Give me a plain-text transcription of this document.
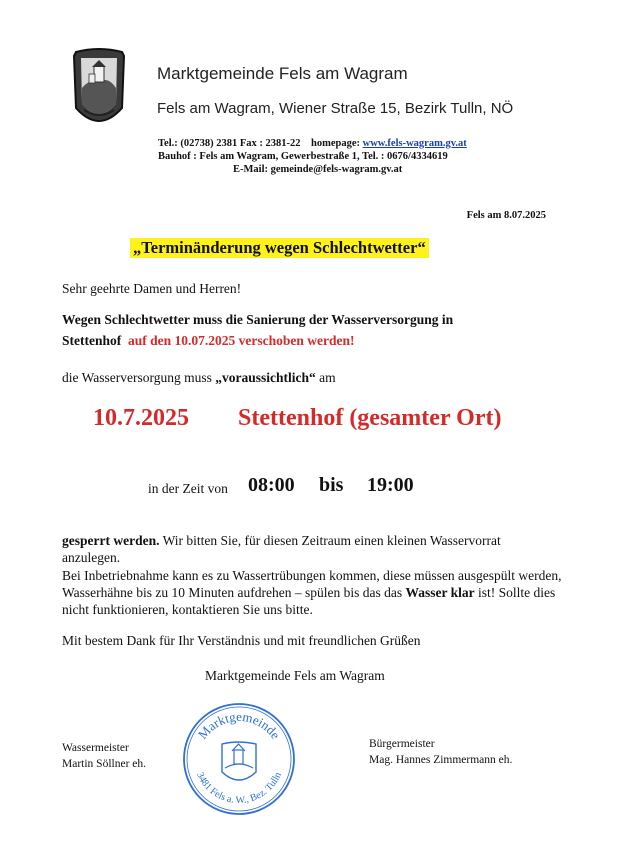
Marktgemeinde Fels am Wagram
Fels am Wagram, Wiener Straße 15, Bezirk Tulln, NÖ
Tel.: (02738) 2381 Fax : 2381-22    homepage: www.fels-wagram.gv.at
Bauhof : Fels am Wagram, Gewerbestraße 1, Tel. : 0676/4334619
E-Mail: gemeinde@fels-wagram.gv.at
Fels am 8.07.2025
„Terminänderung wegen Schlechtwetter“
Sehr geehrte Damen und Herren!
Wegen Schlechtwetter muss die Sanierung der Wasserversorgung in
Stettenhof auf den 10.07.2025 verschoben werden!
die Wasserversorgung muss „voraussichtlich“ am
10.7.2025 Stettenhof (gesamter Ort)
in der Zeit von 08:00 bis 19:00
gesperrt werden. Wir bitten Sie, für diesen Zeitraum einen kleinen Wasservorrat anzulegen.
Bei Inbetriebnahme kann es zu Wassertrübungen kommen, diese müssen ausgespült werden, Wasserhähne bis zu 10 Minuten aufdrehen – spülen bis das das Wasser klar ist! Sollte dies nicht funktionieren, kontaktieren Sie uns bitte.
Mit bestem Dank für Ihr Verständnis und mit freundlichen Grüßen
Marktgemeinde Fels am Wagram
Marktgemeinde
3481 Fels a. W., Bez. Tulln
Wassermeister
Martin Söllner eh.
Bürgermeister
Mag. Hannes Zimmermann eh.
